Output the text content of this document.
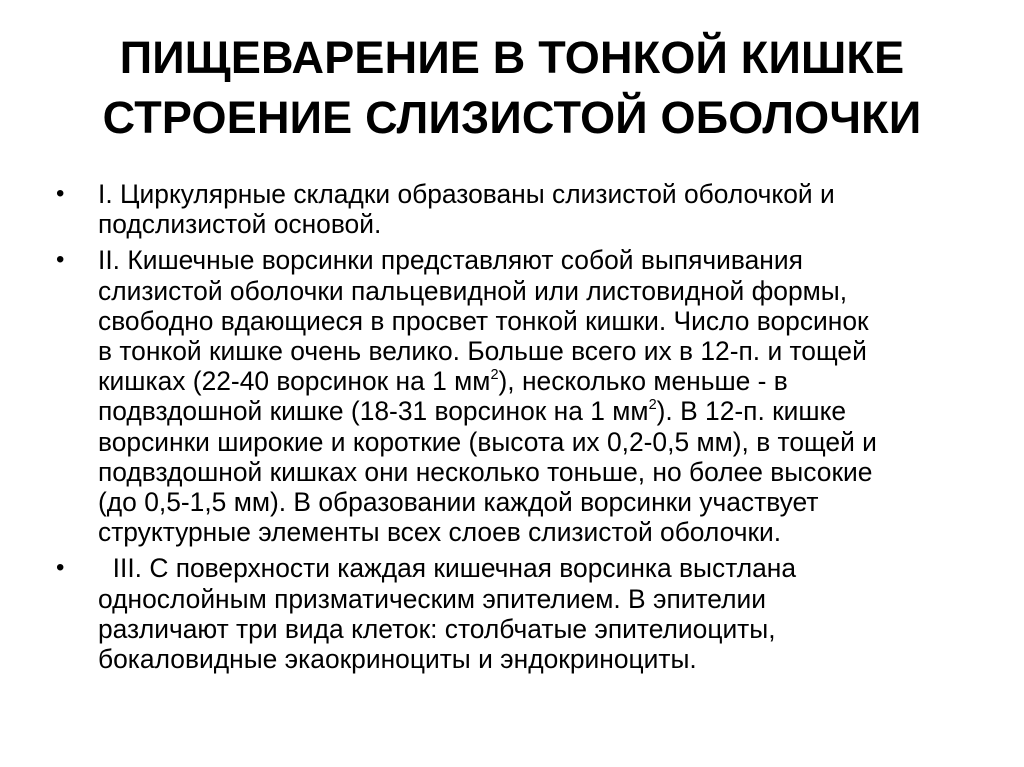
ПИЩЕВАРЕНИЕ В ТОНКОЙ КИШКЕ
СТРОЕНИЕ СЛИЗИСТОЙ ОБОЛОЧКИ
•	I. Циркулярные складки образованы слизистой оболочкой и
подслизистой основой.
•	II. Кишечные ворсинки представляют собой выпячивания
слизистой оболочки пальцевидной или листовидной формы,
свободно вдающиеся в просвет тонкой кишки. Число ворсинок
в тонкой кишке очень велико. Больше всего их в 12-п. и тощей
кишках (22-40 ворсинок на 1 $мм^2$), несколько меньше - в
подвздошной кишке (18-31 ворсинок на 1 $мм^2$). В 12-п. кишке
ворсинки широкие и короткие (высота их 0,2-0,5 мм), в тощей и
подвздошной кишках они несколько тоньше, но более высокие
(до 0,5-1,5 мм). В образовании каждой ворсинки участвует
структурные элементы всех слоев слизистой оболочки.
•	III. С поверхности каждая кишечная ворсинка выстлана
однослойным призматическим эпителием. В эпителии
различают три вида клеток: столбчатые эпителиоциты,
бокаловидные экаокриноциты и эндокриноциты.
